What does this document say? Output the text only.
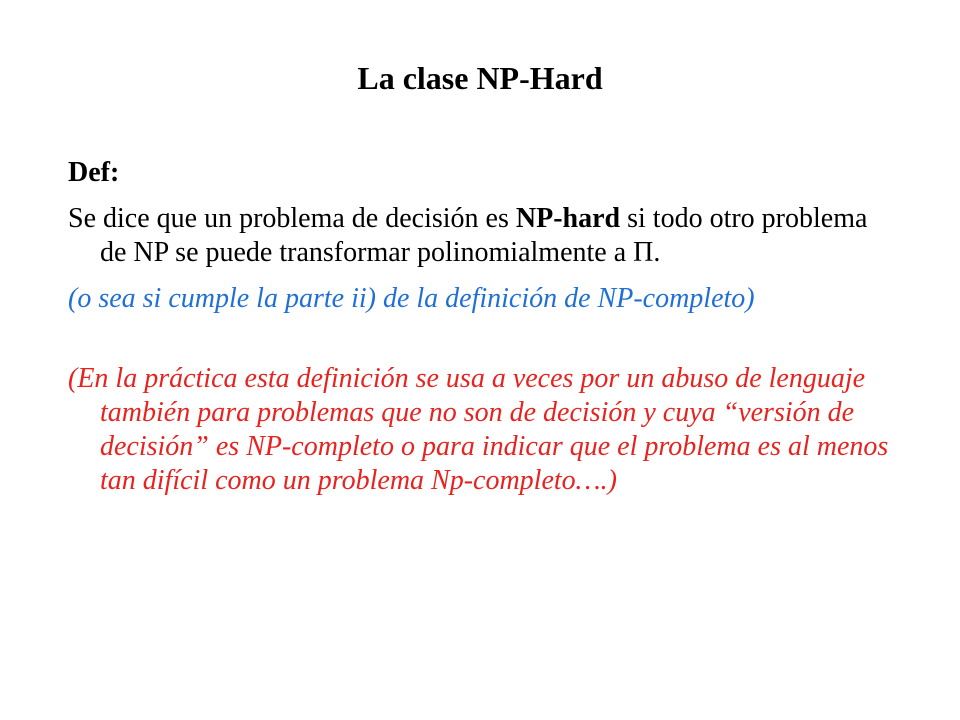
La clase NP-Hard

Def:

Se dice que un problema de decisión es NP-hard si todo otro problema de NP se puede transformar polinomialmente a Π.

(o sea si cumple la parte ii) de la definición de NP-completo)

(En la práctica esta definición se usa a veces por un abuso de lenguaje también para problemas que no son de decisión y cuya “versión de decisión” es NP-completo o para indicar que el problema es al menos tan difícil como un problema Np-completo….)
